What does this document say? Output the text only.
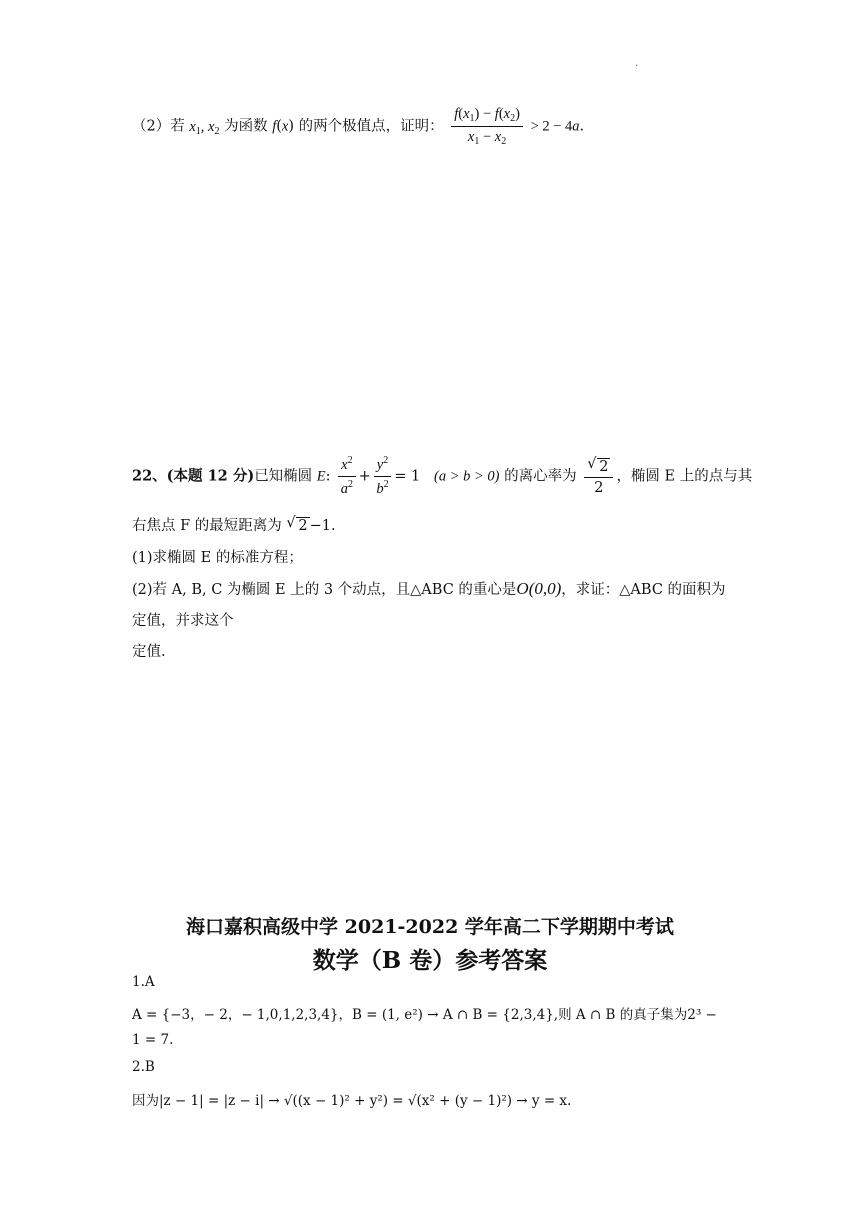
.
（2）若 $x_1$, $x_2$ 为函数 f(x) 的两个极值点，证明： $\frac{f(x_1) - f(x_2)}{x_1 - x_2} > 2 - 4a$.
22、(本题 12 分)已知椭圆 E: $\frac{x^2}{a^2} + \frac{y^2}{b^2} = 1$ (a > b > 0) 的离心率为 $\frac{√ 2}{2}$ ，椭圆 E 上的点与其
右焦点 F 的最短距离为 √ 2 −1.
(1)求椭圆 E 的标准方程；
(2)若 A, B, C 为椭圆 E 上的 3 个动点，且△ABC 的重心是O(0,0)，求证：△ABC 的面积为
定值，并求这个
定值.
海口嘉积高级中学 2021-2022 学年高二下学期期中考试
数学（B 卷）参考答案
1.A
A = {−3，− 2，− 1,0,1,2,3,4}，B = (1, e²) → A ∩ B = {2,3,4},则 A ∩ B 的真子集为2³ −
1 = 7.
2.B
因为|z − 1| = |z − i| → √((x − 1)² + y²) = √(x² + (y − 1)²) → y = x.
